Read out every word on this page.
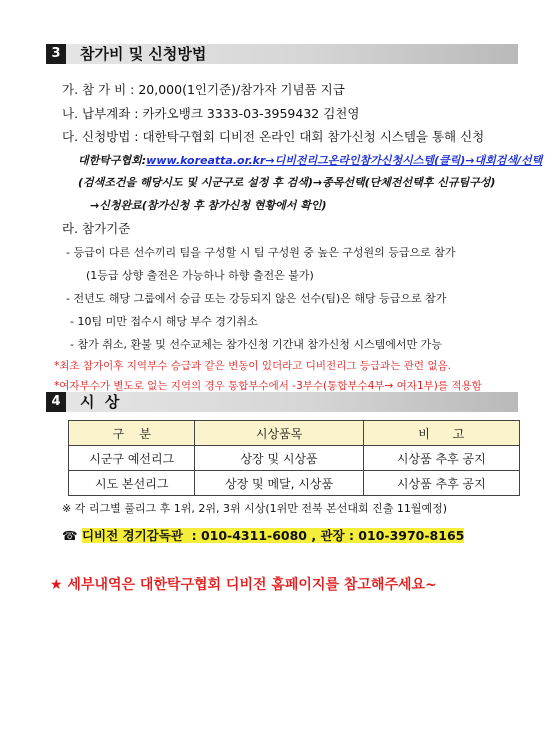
3	참가비 및 신청방법
가. 참 가 비 : 20,000(1인기준)/참가자 기념품 지급
나. 납부계좌 : 카카오뱅크 3333-03-3959432 김천영
다. 신청방법 : 대한탁구협회 디비전 온라인 대회 참가신청 시스템을 통해 신청
대한탁구협회:www.koreatta.or.kr→디비전리그온라인참가신청시스템(클릭)→대회검색/선택
(검색조건을 해당시도 및 시군구로 설정 후 검색)→종목선택(단체전선택후 신규팀구성)
→신청완료(참가신청 후 참가신청 현황에서 확인)
라. 참가기준
- 등급이 다른 선수끼리 팀을 구성할 시 팀 구성원 중 높은 구성원의 등급으로 참가
(1등급 상향 출전은 가능하나 하향 출전은 불가)
- 전년도 해당 그룹에서 승급 또는 강등되지 않은 선수(팀)은 해당 등급으로 참가
- 10팀 미만 접수시 해당 부수 경기취소
- 참가 취소, 환불 및 선수교체는 참가신청 기간내 참가신청 시스템에서만 가능
*최초 참가이후 지역부수 승급과 같은 변동이 있더라고 디비전리그 등급과는 관련 없음.
*여자부수가 별도로 없는 지역의 경우 통합부수에서 -3부수(통합부수4부→ 여자1부)를 적용함
4	시  상
구    분	시상품목	비      고
시군구 예선리그	상장 및 시상품	시상품 추후 공지
시도 본선리그	상장 및 메달, 시상품	시상품 추후 공지
※ 각 리그별 풀리그 후 1위, 2위, 3위 시상(1위만 전북 본선대회 진출 11월예정)
☎ 디비전 경기감독관  : 010-4311-6080 , 관장 : 010-3970-8165
★ 세부내역은 대한탁구협회 디비전 홈페이지를 참고해주세요~
